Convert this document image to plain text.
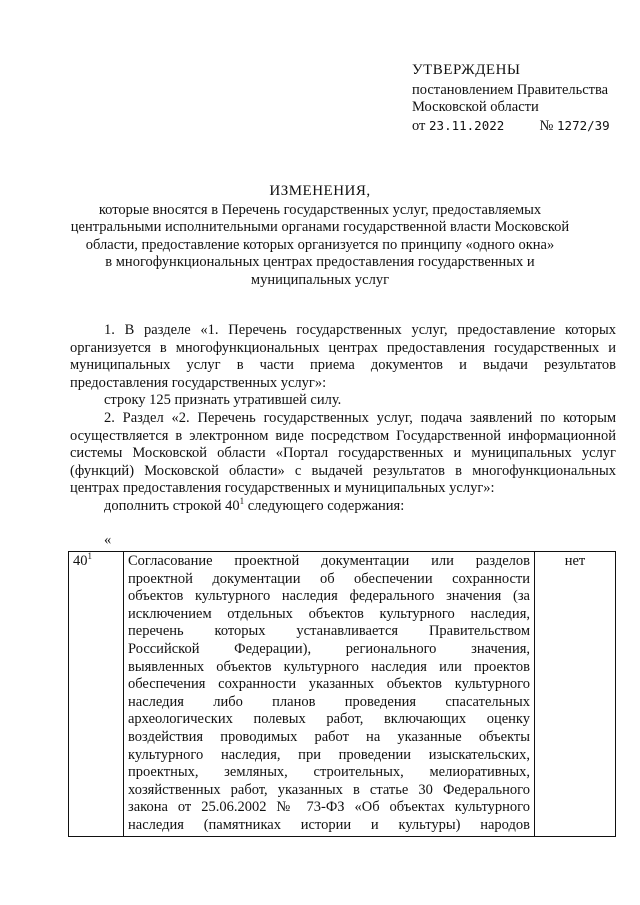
УТВЕРЖДЕНЫ
постановлением Правительства
Московской области
от 23.11.2022 № 1272/39
ИЗМЕНЕНИЯ,
которые вносятся в Перечень государственных услуг, предоставляемых
центральными исполнительными органами государственной власти Московской
области, предоставление которых организуется по принципу «одного окна»
в многофункциональных центрах предоставления государственных и
муниципальных услуг

1. В разделе «1. Перечень государственных услуг, предоставление которых организуется в многофункциональных центрах предоставления государственных и муниципальных услуг в части приема документов и выдачи результатов предоставления государственных услуг»:

строку 125 признать утратившей силу.

2. Раздел «2. Перечень государственных услуг, подача заявлений по которым осуществляется в электронном виде посредством Государственной информационной системы Московской области «Портал государственных и муниципальных услуг (функций) Московской области» с выдачей результатов в многофункциональных центрах предоставления государственных и муниципальных услуг»:

дополнить строкой $40^1$ следующего содержания:

«
$40^1$	Согласование проектной документации или разделов
проектной документации об обеспечении сохранности
объектов культурного наследия федерального значения (за
исключением отдельных объектов культурного наследия,
перечень которых устанавливается Правительством
Российской Федерации), регионального значения,
выявленных объектов культурного наследия или проектов
обеспечения сохранности указанных объектов культурного
наследия либо планов проведения спасательных
археологических полевых работ, включающих оценку
воздействия проводимых работ на указанные объекты
культурного наследия, при проведении изыскательских,
проектных, земляных, строительных, мелиоративных,
хозяйственных работ, указанных в статье 30 Федерального
закона от 25.06.2002 № 73-ФЗ «Об объектах культурного
наследия (памятниках истории и культуры) народов
	нет
